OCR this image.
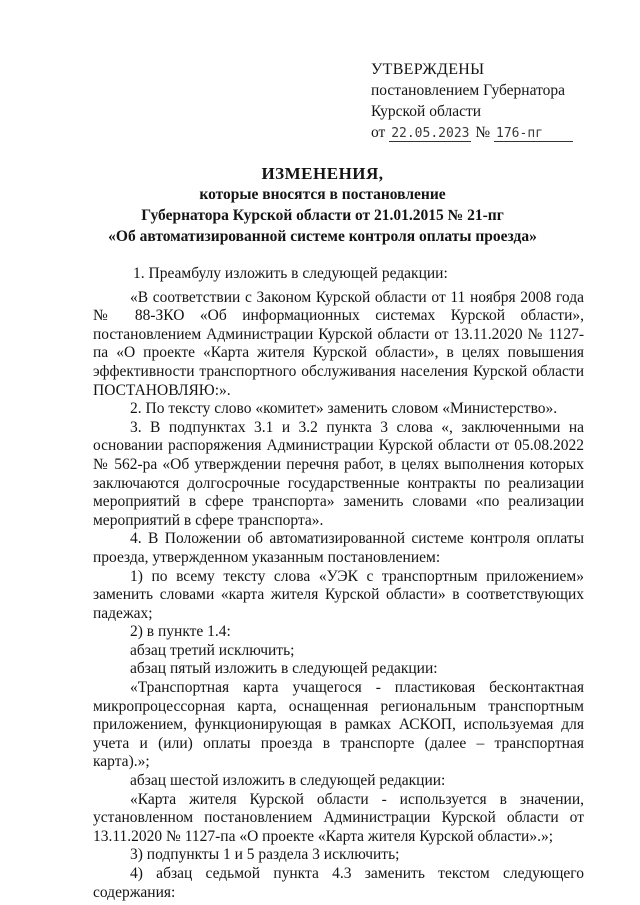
УТВЕРЖДЕНЫ
постановлением Губернатора
Курской области
от 22.05.2023 № 176-пг
ИЗМЕНЕНИЯ,
которые вносятся в постановление
Губернатора Курской области от 21.01.2015 № 21-пг
«Об автоматизированной системе контроля оплаты проезда»

1. Преамбулу изложить в следующей редакции:

«В соответствии с Законом Курской области от 11 ноября 2008 года № 88-ЗКО «Об информационных системах Курской области», постановлением Администрации Курской области от 13.11.2020 № 1127-па «О проекте «Карта жителя Курской области», в целях повышения эффективности транспортного обслуживания населения Курской области ПОСТАНОВЛЯЮ:».

2. По тексту слово «комитет» заменить словом «Министерство».

3. В подпунктах 3.1 и 3.2 пункта 3 слова «, заключенными на основании распоряжения Администрации Курской области от 05.08.2022 № 562-ра «Об утверждении перечня работ, в целях выполнения которых заключаются долгосрочные государственные контракты по реализации мероприятий в сфере транспорта» заменить словами «по реализации мероприятий в сфере транспорта».

4. В Положении об автоматизированной системе контроля оплаты проезда, утвержденном указанным постановлением:

1) по всему тексту слова «УЭК с транспортным приложением» заменить словами «карта жителя Курской области» в соответствующих падежах;

2) в пункте 1.4:

абзац третий исключить;

абзац пятый изложить в следующей редакции:

«Транспортная карта учащегося - пластиковая бесконтактная микропроцессорная карта, оснащенная региональным транспортным приложением, функционирующая в рамках АСКОП, используемая для учета и (или) оплаты проезда в транспорте (далее – транспортная карта).»;

абзац шестой изложить в следующей редакции:

«Карта жителя Курской области - используется в значении, установленном постановлением Администрации Курской области от 13.11.2020 № 1127-па «О проекте «Карта жителя Курской области».»;

3) подпункты 1 и 5 раздела 3 исключить;

4) абзац седьмой пункта 4.3 заменить текстом следующего содержания:
